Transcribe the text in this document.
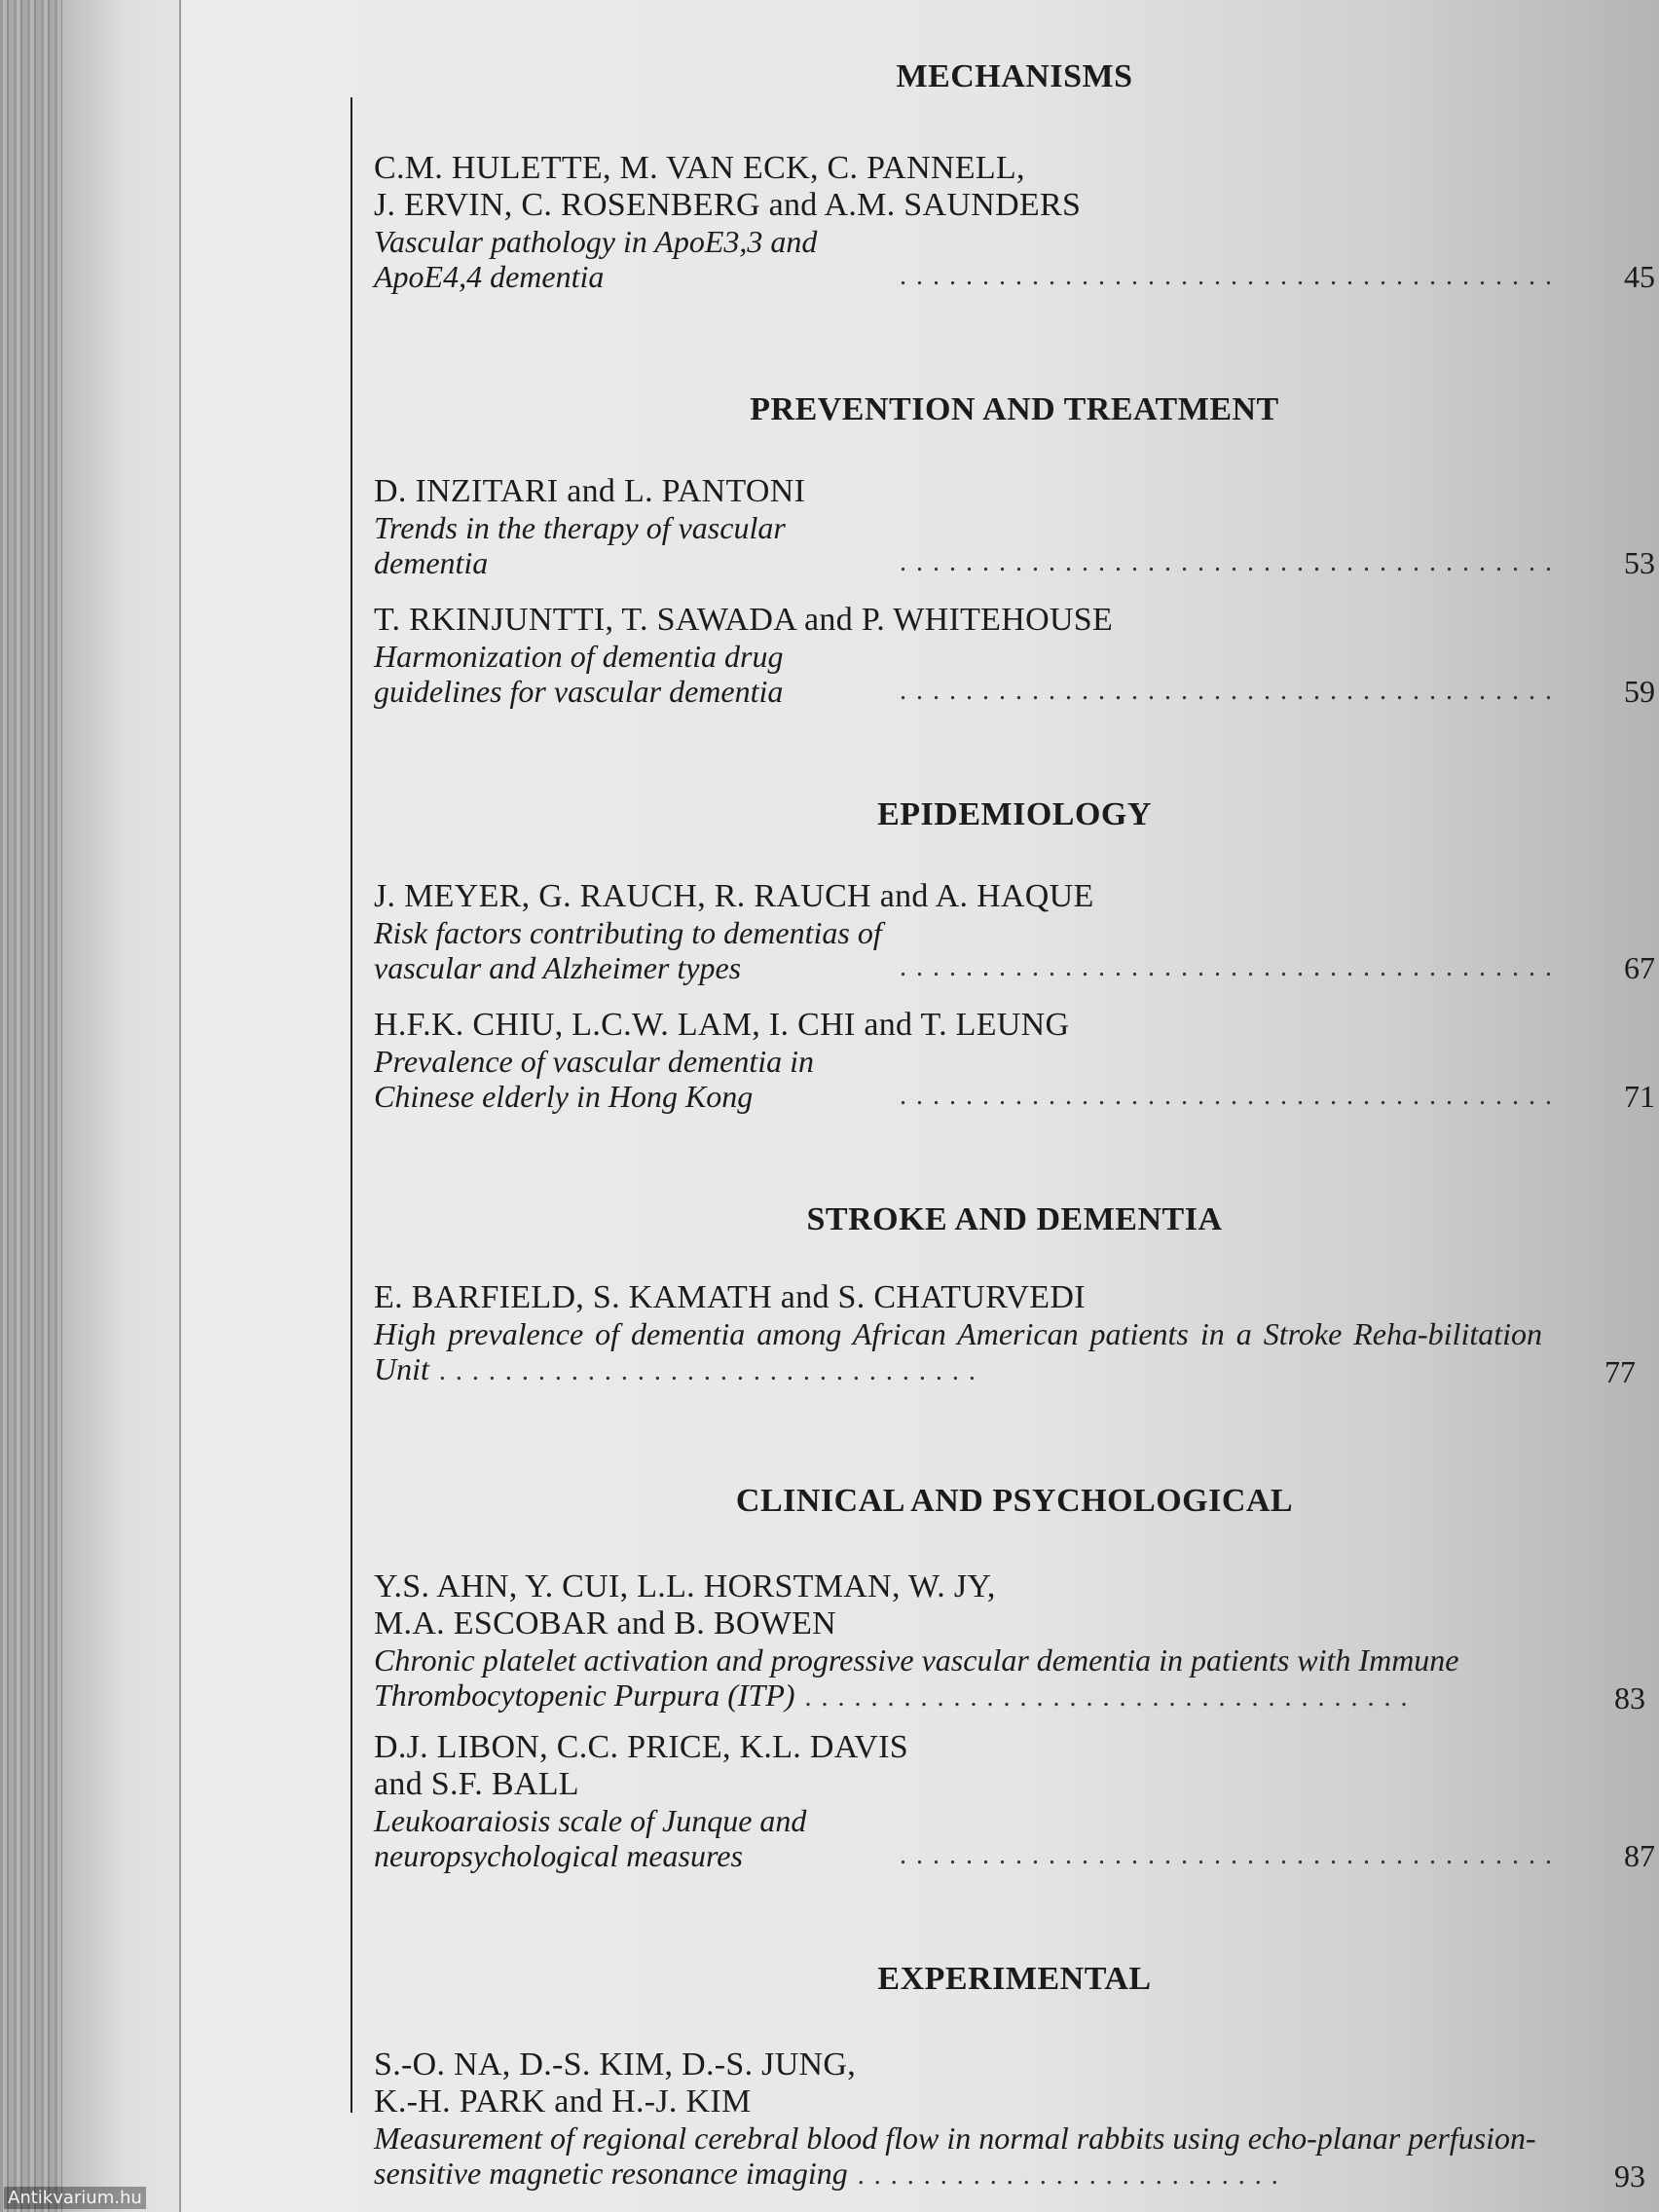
MECHANISMS
C.M. HULETTE, M. VAN ECK, C. PANNELL,
J. ERVIN, C. ROSENBERG and A.M. SAUNDERS
Vascular pathology in ApoE3,3 and ApoE4,4 dementia	........................................	45
PREVENTION AND TREATMENT
D. INZITARI and L. PANTONI
Trends in the therapy of vascular dementia	........................................	53
T. RKINJUNTTI, T. SAWADA and P. WHITEHOUSE
Harmonization of dementia drug guidelines for vascular dementia	........................................	59
EPIDEMIOLOGY
J. MEYER, G. RAUCH, R. RAUCH and A. HAQUE
Risk factors contributing to dementias of vascular and Alzheimer types	........................................	67
H.F.K. CHIU, L.C.W. LAM, I. CHI and T. LEUNG
Prevalence of vascular dementia in Chinese elderly in Hong Kong	........................................	71
STROKE AND DEMENTIA
E. BARFIELD, S. KAMATH and S. CHATURVEDI
High prevalence of dementia among African American patients in a Stroke Reha-bilitation Unit .................................	77
CLINICAL AND PSYCHOLOGICAL
Y.S. AHN, Y. CUI, L.L. HORSTMAN, W. JY,
M.A. ESCOBAR and B. BOWEN
Chronic platelet activation and progressive vascular dementia in patients with Immune Thrombocytopenic Purpura (ITP) .....................................	83
D.J. LIBON, C.C. PRICE, K.L. DAVIS
and S.F. BALL
Leukoaraiosis scale of Junque and neuropsychological measures	........................................	87
EXPERIMENTAL
S.-O. NA, D.-S. KIM, D.-S. JUNG,
K.-H. PARK and H.-J. KIM
Measurement of regional cerebral blood flow in normal rabbits using echo-planar perfusion-sensitive magnetic resonance imaging ..........................	93
Antikvarium.hu
